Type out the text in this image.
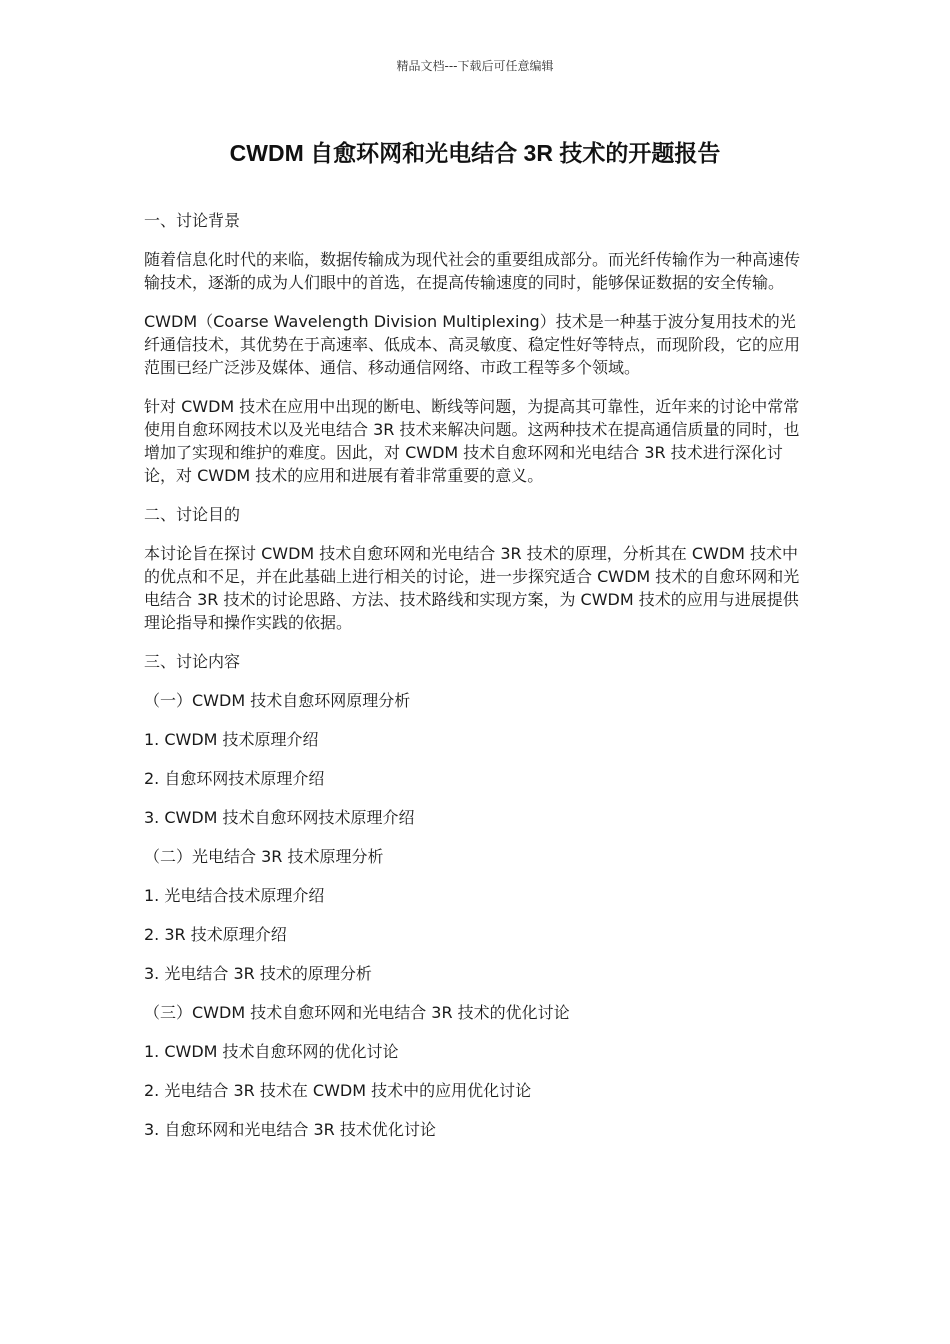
精品文档---下载后可任意编辑
CWDM 自愈环网和光电结合 3R 技术的开题报告

一、讨论背景

随着信息化时代的来临，数据传输成为现代社会的重要组成部分。而光纤传输作为一种高速传输技术，逐渐的成为人们眼中的首选，在提高传输速度的同时，能够保证数据的安全传输。

CWDM（Coarse Wavelength Division Multiplexing）技术是一种基于波分复用技术的光纤通信技术，其优势在于高速率、低成本、高灵敏度、稳定性好等特点，而现阶段，它的应用范围已经广泛涉及媒体、通信、移动通信网络、市政工程等多个领域。

针对 CWDM 技术在应用中出现的断电、断线等问题，为提高其可靠性，近年来的讨论中常常使用自愈环网技术以及光电结合 3R 技术来解决问题。这两种技术在提高通信质量的同时，也增加了实现和维护的难度。因此，对 CWDM 技术自愈环网和光电结合 3R 技术进行深化讨论，对 CWDM 技术的应用和进展有着非常重要的意义。

二、讨论目的

本讨论旨在探讨 CWDM 技术自愈环网和光电结合 3R 技术的原理，分析其在 CWDM 技术中的优点和不足，并在此基础上进行相关的讨论，进一步探究适合 CWDM 技术的自愈环网和光电结合 3R 技术的讨论思路、方法、技术路线和实现方案，为 CWDM 技术的应用与进展提供理论指导和操作实践的依据。

三、讨论内容

（一）CWDM 技术自愈环网原理分析

1. CWDM 技术原理介绍

2. 自愈环网技术原理介绍

3. CWDM 技术自愈环网技术原理介绍

（二）光电结合 3R 技术原理分析

1. 光电结合技术原理介绍

2. 3R 技术原理介绍

3. 光电结合 3R 技术的原理分析

（三）CWDM 技术自愈环网和光电结合 3R 技术的优化讨论

1. CWDM 技术自愈环网的优化讨论

2. 光电结合 3R 技术在 CWDM 技术中的应用优化讨论

3. 自愈环网和光电结合 3R 技术优化讨论
